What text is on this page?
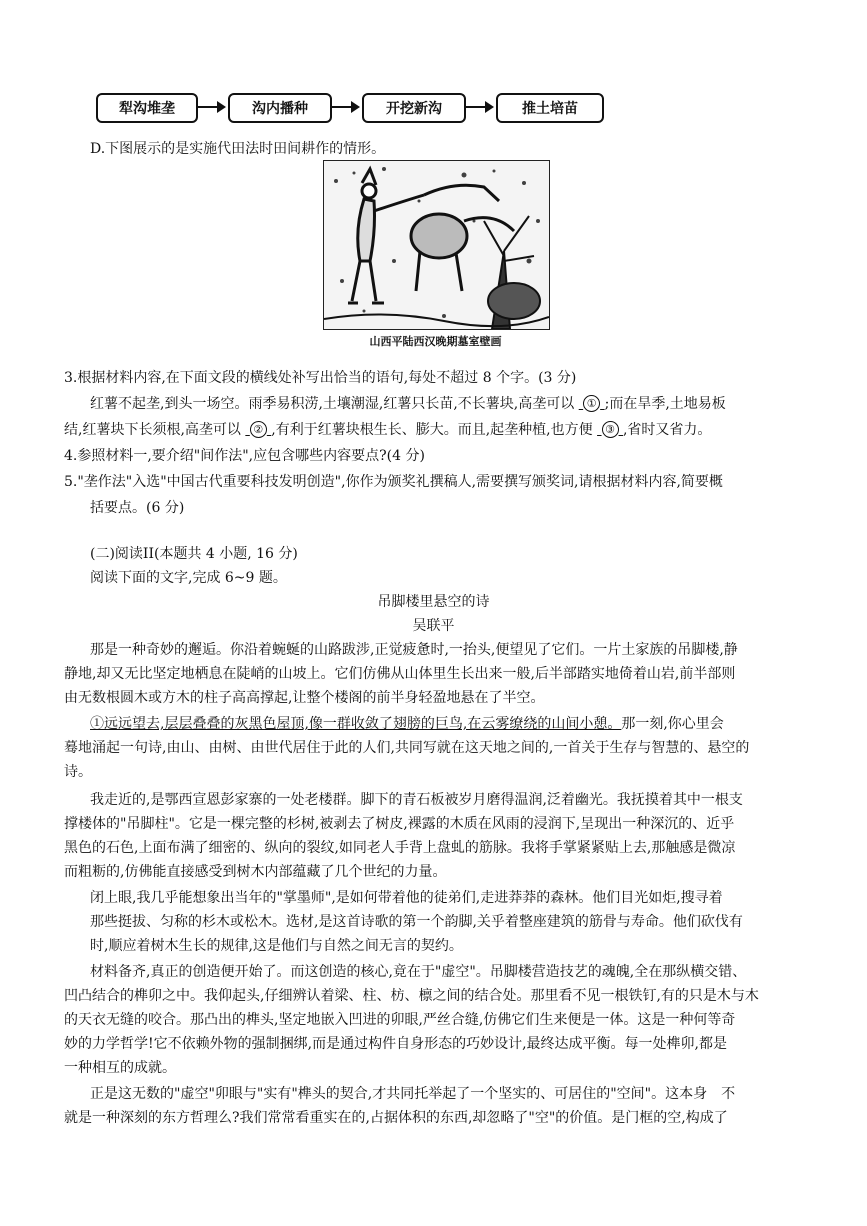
犁沟堆垄	沟内播种	开挖新沟	推土培苗
D.下图展示的是实施代田法时田间耕作的情形。
山西平陆西汉晚期墓室壁画
3.根据材料内容,在下面文段的横线处补写出恰当的语句,每处不超过 8 个字。(3 分)
红薯不起垄,到头一场空。雨季易积涝,土壤潮湿,红薯只长苗,不长薯块,高垄可以 ① ;而在旱季,土地易板
结,红薯块下长须根,高垄可以 ② ,有利于红薯块根生长、膨大。而且,起垄种植,也方便 ③ ,省时又省力。
4.参照材料一,要介绍"间作法",应包含哪些内容要点?(4 分)
5."垄作法"入选"中国古代重要科技发明创造",你作为颁奖礼撰稿人,需要撰写颁奖词,请根据材料内容,简要概
括要点。(6 分)
(二)阅读II(本题共 4 小题, 16 分)
阅读下面的文字,完成 6~9 题。
吊脚楼里悬空的诗
吴联平
那是一种奇妙的邂逅。你沿着蜿蜒的山路跋涉,正觉疲惫时,一抬头,便望见了它们。一片土家族的吊脚楼,静
静地,却又无比坚定地栖息在陡峭的山坡上。它们仿佛从山体里生长出来一般,后半部踏实地倚着山岩,前半部则
由无数根圆木或方木的柱子高高撑起,让整个楼阁的前半身轻盈地悬在了半空。
①远远望去,层层叠叠的灰黑色屋顶,像一群收敛了翅膀的巨鸟,在云雾缭绕的山间小憩。那一刻,你心里会
蓦地涌起一句诗,由山、由树、由世代居住于此的人们,共同写就在这天地之间的,一首关于生存与智慧的、悬空的
诗。
我走近的,是鄂西宣恩彭家寨的一处老楼群。脚下的青石板被岁月磨得温润,泛着幽光。我抚摸着其中一根支
撑楼体的"吊脚柱"。它是一棵完整的杉树,被剥去了树皮,裸露的木质在风雨的浸润下,呈现出一种深沉的、近乎
黑色的石色,上面布满了细密的、纵向的裂纹,如同老人手背上盘虬的筋脉。我将手掌紧紧贴上去,那触感是微凉
而粗粝的,仿佛能直接感受到树木内部蕴藏了几个世纪的力量。
闭上眼,我几乎能想象出当年的"掌墨师",是如何带着他的徒弟们,走进莽莽的森林。他们目光如炬,搜寻着
那些挺拔、匀称的杉木或松木。选材,是这首诗歌的第一个韵脚,关乎着整座建筑的筋骨与寿命。他们砍伐有
时,顺应着树木生长的规律,这是他们与自然之间无言的契约。
材料备齐,真正的创造便开始了。而这创造的核心,竟在于"虚空"。吊脚楼营造技艺的魂魄,全在那纵横交错、
凹凸结合的榫卯之中。我仰起头,仔细辨认着梁、柱、枋、檩之间的结合处。那里看不见一根铁钉,有的只是木与木
的天衣无缝的咬合。那凸出的榫头,坚定地嵌入凹进的卯眼,严丝合缝,仿佛它们生来便是一体。这是一种何等奇
妙的力学哲学!它不依赖外物的强制捆绑,而是通过构件自身形态的巧妙设计,最终达成平衡。每一处榫卯,都是
一种相互的成就。
正是这无数的"虚空"卯眼与"实有"榫头的契合,才共同托举起了一个坚实的、可居住的"空间"。这本身　不
就是一种深刻的东方哲理么?我们常常看重实在的,占据体积的东西,却忽略了"空"的价值。是门框的空,构成了
